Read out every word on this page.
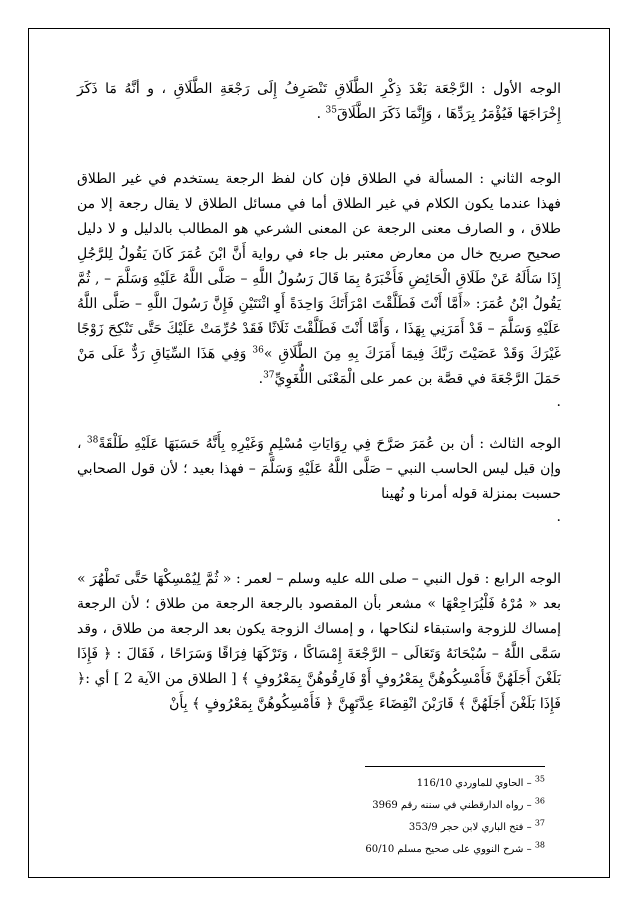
الوجه الأول : الرَّجْعَة بَعْدَ ذِكْرِ الطَّلَاقِ تَنْصَرِفُ إِلَى رَجْعَةِ الطَّلَاقِ ، و أنَّهُ مَا ذَكَرَ إِخْرَاجَهَا فَيُؤْمَرُ بِرَدِّهَا ، وَإِنَّمَا ذَكَرَ الطَّلَاقَ$^{35}$ .

الوجه الثاني : المسألة في الطلاق فإن كان لفظ الرجعة يستخدم في غير الطلاق فهذا عندما يكون الكلام في غير الطلاق أما في مسائل الطلاق لا يقال رجعة إلا من طلاق ، و الصارف معنى الرجعة عن المعنى الشرعي هو المطالب بالدليل و لا دليل صحيح صريح خال من معارض معتبر بل جاء في رواية أَنَّ ابْنَ عُمَرَ كَانَ يَقُولُ لِلرَّجُلِ إِذَا سَأَلَهُ عَنْ طَلَاقِ الْحَائِضِ فَأَخْبَرَهُ بِمَا قَالَ رَسُولُ اللَّهِ – صَلَّى اللَّهُ عَلَيْهِ وَسَلَّمَ – , ثُمَّ يَقُولُ ابْنُ عُمَرَ: «أَمَّا أَنْتَ فَطَلَّقْتَ امْرَأَتَكَ وَاحِدَةً أَوِ اثْنَتَيْنِ فَإِنَّ رَسُولَ اللَّهِ – صَلَّى اللَّهُ عَلَيْهِ وَسَلَّمَ – قَدْ أَمَرَنِي بِهَذَا ، وَأَمَّا أَنْتَ فَطَلَّقْتَ ثَلَاثًا فَقَدْ حُرِّمَتْ عَلَيْكَ حَتَّى تَنْكِحَ زَوْجًا غَيْرَكَ وَقَدْ عَصَيْتَ رَبَّكَ فِيمَا أَمَرَكَ بِهِ مِنَ الطَّلَاقِ »$^{36}$ وَفِي هَذَا السِّيَاقِ رَدٌّ عَلَى مَنْ حَمَلَ الرَّجْعَةَ في قصَّة بن عمر على الْمَعْنَى اللُّغَوِيِّ$^{37}$.

.

الوجه الثالث : أن بن عُمَرَ صَرَّحَ فِي رِوَايَاتِ مُسْلِمٍ وَغَيْرِهِ بِأَنَّهُ حَسَبَهَا عَلَيْهِ طَلْقَةً$^{38}$ ، وإن قيل ليس الحاسب النبي – صَلَّى اللَّهُ عَلَيْهِ وَسَلَّمَ – فهذا بعيد ؛ لأن قول الصحابي حسبت بمنزلة قوله أمرنا و نُهينا

.

الوجه الرابع : قول النبي – صلى الله عليه وسلم – لعمر : « ثُمَّ لِيُمْسِكْهَا حَتَّى تَطْهُرَ » بعد « مُرْهُ فَلْيُرَاجِعْهَا » مشعر بأن المقصود بالرجعة الرجعة من طلاق ؛ لأن الرجعة إمساك للزوجة واستبقاء لنكاحها ، و إمساك الزوجة يكون بعد الرجعة من طلاق ، وقد سَمَّى اللَّهُ – سُبْحَانَهُ وَتَعَالَى – الرَّجْعَةَ إِمْسَاكًا ، وَتَرْكَهَا فِرَاقًا وَسَرَاحًا ، فَقَالَ : ﴿ فَإِذَا بَلَغْنَ أَجَلَهُنَّ فَأَمْسِكُوهُنَّ بِمَعْرُوفٍ أَوْ فَارِقُوهُنَّ بِمَعْرُوفٍ ﴾ [ الطلاق من الآية 2 ] أي :﴿ فَإِذَا بَلَغْنَ أَجَلَهُنَّ ﴾ قَارَبْنَ انْقِضَاءَ عِدَّتَهِنَّ ﴿ فَأَمْسِكُوهُنَّ بِمَعْرُوفٍ ﴾ بِأَنْ

$^{35}$ – الحاوي للماوردي 116/10

$^{36}$ – رواه الدارقطني في سننه رقم 3969

$^{37}$ – فتح الباري لابن حجر 353/9

$^{38}$ – شرح النووي على صحيح مسلم 60/10
